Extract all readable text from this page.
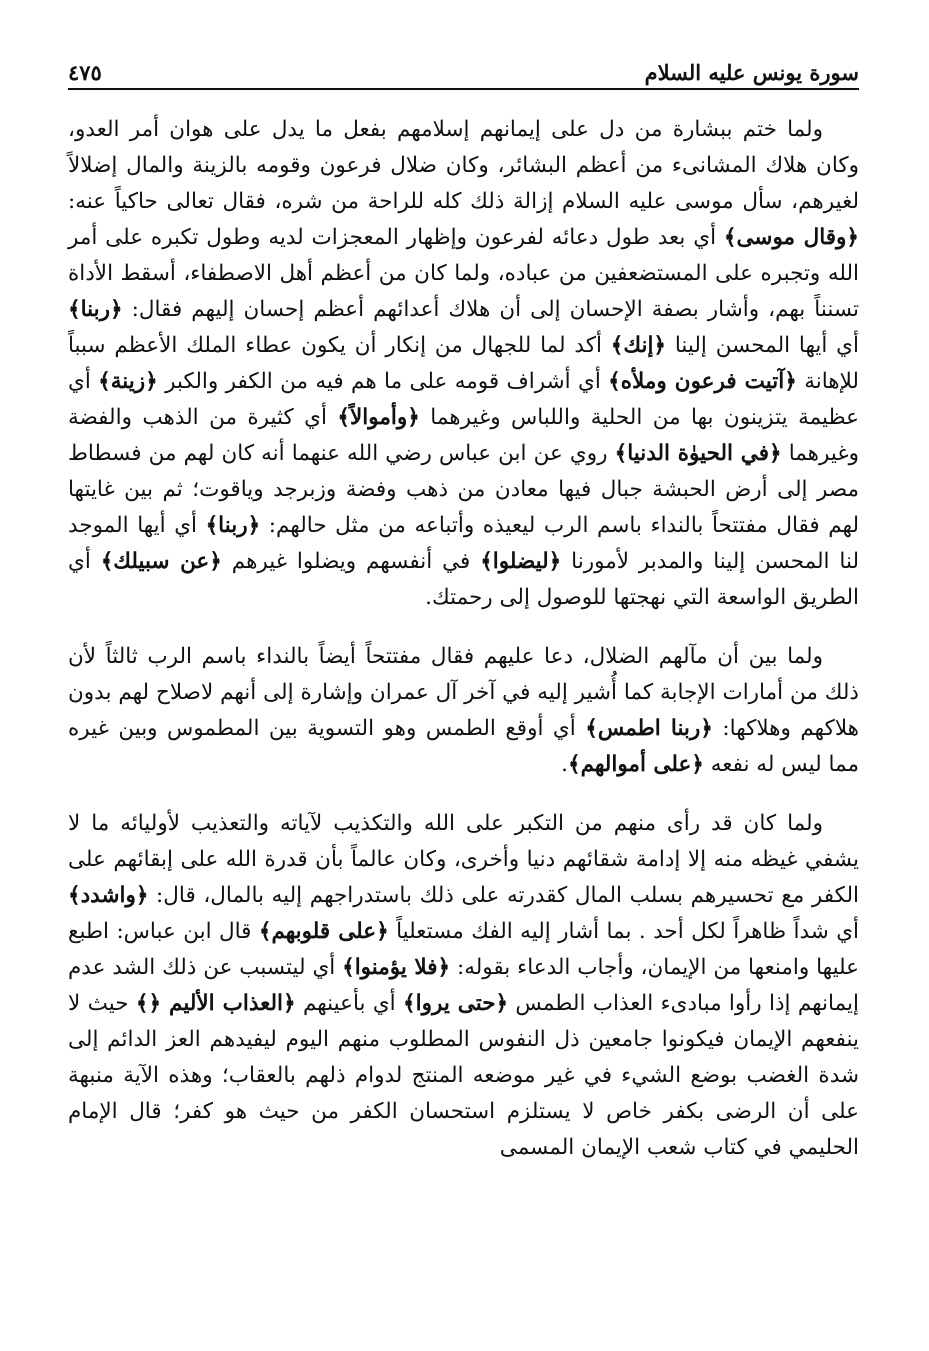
سورة يونس عليه السلام
٤٧٥

ولما ختم ببشارة من دل على إيمانهم إسلامهم بفعل ما يدل على هوان أمر العدو، وكان هلاك المشانىء من أعظم البشائر، وكان ضلال فرعون وقومه بالزينة والمال إضلالاً لغيرهم، سأل موسى عليه السلام إزالة ذلك كله للراحة من شره، فقال تعالى حاكياً عنه: ﴿وقال موسى﴾ أي بعد طول دعائه لفرعون وإظهار المعجزات لديه وطول تكبره على أمر الله وتجبره على المستضعفين من عباده، ولما كان من أعظم أهل الاصطفاء، أسقط الأداة تسنناً بهم، وأشار بصفة الإحسان إلى أن هلاك أعدائهم أعظم إحسان إليهم فقال: ﴿ربنا﴾ أي أيها المحسن إلينا ﴿إنك﴾ أكد لما للجهال من إنكار أن يكون عطاء الملك الأعظم سبباً للإهانة ﴿آتيت فرعون وملأه﴾ أي أشراف قومه على ما هم فيه من الكفر والكبر ﴿زينة﴾ أي عظيمة يتزينون بها من الحلية واللباس وغيرهما ﴿وأموالاً﴾ أي كثيرة من الذهب والفضة وغيرهما ﴿في الحيوٰة الدنيا﴾ روي عن ابن عباس رضي الله عنهما أنه كان لهم من فسطاط مصر إلى أرض الحبشة جبال فيها معادن من ذهب وفضة وزبرجد وياقوت؛ ثم بين غايتها لهم فقال مفتتحاً بالنداء باسم الرب ليعيذه وأتباعه من مثل حالهم: ﴿ربنا﴾ أي أيها الموجد لنا المحسن إلينا والمدبر لأمورنا ﴿ليضلوا﴾ في أنفسهم ويضلوا غيرهم ﴿عن سبيلك﴾ أي الطريق الواسعة التي نهجتها للوصول إلى رحمتك.

ولما بين أن مآلهم الضلال، دعا عليهم فقال مفتتحاً أيضاً بالنداء باسم الرب ثالثاً لأن ذلك من أمارات الإجابة كما أُشير إليه في آخر آل عمران وإشارة إلى أنهم لاصلاح لهم بدون هلاكهم وهلاكها: ﴿ربنا اطمس﴾ أي أوقع الطمس وهو التسوية بين المطموس وبين غيره مما ليس له نفعه ﴿على أموالهم﴾.

ولما كان قد رأى منهم من التكبر على الله والتكذيب لآياته والتعذيب لأوليائه ما لا يشفي غيظه منه إلا إدامة شقائهم دنيا وأخرى، وكان عالماً بأن قدرة الله على إبقائهم على الكفر مع تحسيرهم بسلب المال كقدرته على ذلك باستدراجهم إليه بالمال، قال: ﴿واشدد﴾ أي شداً ظاهراً لكل أحد . بما أشار إليه الفك مستعلياً ﴿على قلوبهم﴾ قال ابن عباس: اطبع عليها وامنعها من الإيمان، وأجاب الدعاء بقوله: ﴿فلا يؤمنوا﴾ أي ليتسبب عن ذلك الشد عدم إيمانهم إذا رأوا مبادىء العذاب الطمس ﴿حتى يروا﴾ أي بأعينهم ﴿العذاب الأليم ﴿﴾ حيث لا ينفعهم الإيمان فيكونوا جامعين ذل النفوس المطلوب منهم اليوم ليفيدهم العز الدائم إلى شدة الغضب بوضع الشيء في غير موضعه المنتج لدوام ذلهم بالعقاب؛ وهذه الآية منبهة على أن الرضى بكفر خاص لا يستلزم استحسان الكفر من حيث هو كفر؛ قال الإمام الحليمي في كتاب شعب الإيمان المسمى
